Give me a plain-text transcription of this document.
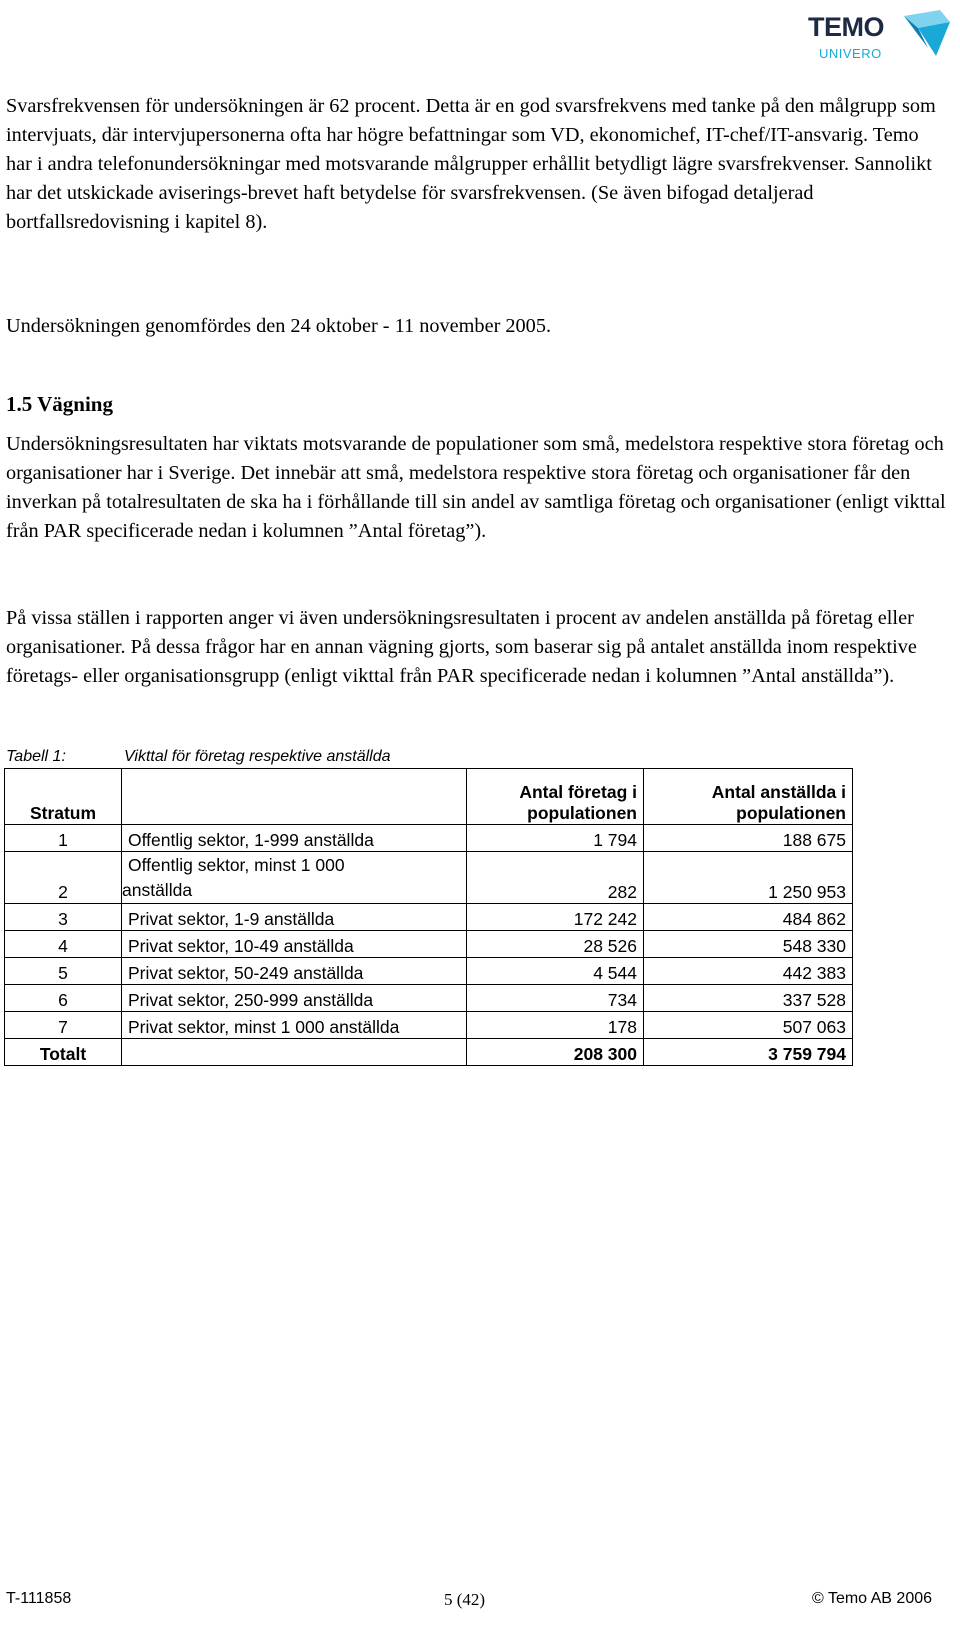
TEMO
UNIVERO

Svarsfrekvensen för undersökningen är 62 procent. Detta är en god svarsfrekvens med tanke på den målgrupp som intervjuats, där intervjupersonerna ofta har högre befattningar som VD, ekonomichef, IT-chef/IT-ansvarig. Temo har i andra telefonundersökningar med motsvarande målgrupper erhållit betydligt lägre svarsfrekvenser. Sannolikt har det utskickade aviserings-brevet haft betydelse för svarsfrekvensen. (Se även bifogad detaljerad bortfallsredovisning i kapitel 8).

Undersökningen genomfördes den 24 oktober - 11 november 2005.

1.5 Vägning

Undersökningsresultaten har viktats motsvarande de populationer som små, medelstora respektive stora företag och organisationer har i Sverige. Det innebär att små, medelstora respektive stora företag och organisationer får den inverkan på totalresultaten de ska ha i förhållande till sin andel av samtliga företag och organisationer (enligt vikttal från PAR specificerade nedan i kolumnen ”Antal företag”).

På vissa ställen i rapporten anger vi även undersökningsresultaten i procent av andelen anställda på företag eller organisationer. På dessa frågor har en annan vägning gjorts, som baserar sig på antalet anställda inom respektive företags- eller organisationsgrupp (enligt vikttal från PAR specificerade nedan i kolumnen ”Antal anställda”).

Tabell 1:	Vikttal för företag respektive anställda
Stratum		Antal företag i populationen	Antal anställda i populationen
1	Offentlig sektor, 1-999 anställda	1 794	188 675
2	Offentlig sektor, minst 1 000
anställda	282	1 250 953
3	Privat sektor, 1-9 anställda	172 242	484 862
4	Privat sektor, 10-49 anställda	28 526	548 330
5	Privat sektor, 50-249 anställda	4 544	442 383
6	Privat sektor, 250-999 anställda	734	337 528
7	Privat sektor, minst 1 000 anställda	178	507 063
Totalt		208 300	3 759 794
T-111858	5 (42)	© Temo AB 2006
